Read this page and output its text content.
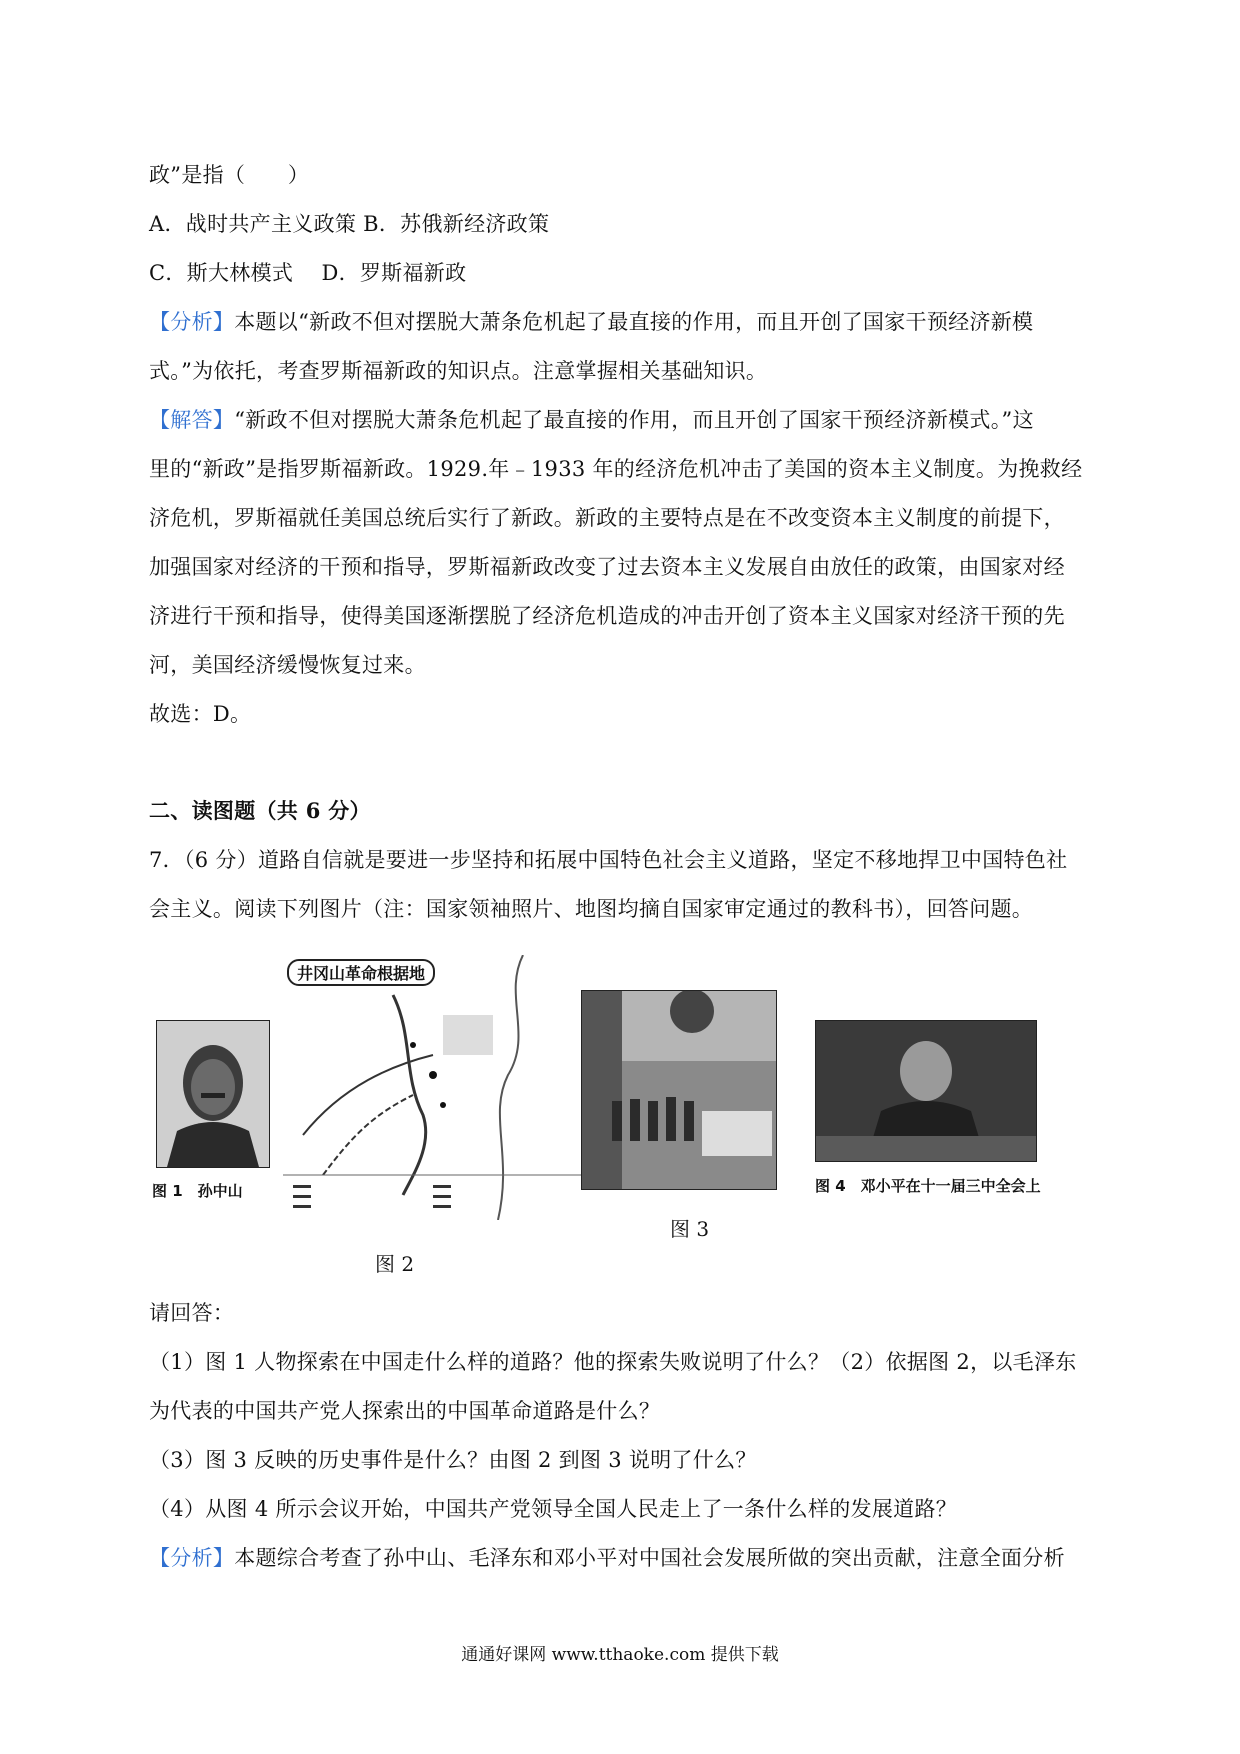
政”是指（　　）
A．战时共产主义政策 B．苏俄新经济政策
C．斯大林模式　 D．罗斯福新政
【分析】本题以“新政不但对摆脱大萧条危机起了最直接的作用，而且开创了国家干预经济新模
式。”为依托，考查罗斯福新政的知识点。注意掌握相关基础知识。
【解答】“新政不但对摆脱大萧条危机起了最直接的作用，而且开创了国家干预经济新模式。”这
里的“新政”是指罗斯福新政。1929.年﹣1933 年的经济危机冲击了美国的资本主义制度。为挽救经
济危机，罗斯福就任美国总统后实行了新政。新政的主要特点是在不改变资本主义制度的前提下，
加强国家对经济的干预和指导，罗斯福新政改变了过去资本主义发展自由放任的政策，由国家对经
济进行干预和指导，使得美国逐渐摆脱了经济危机造成的冲击开创了资本主义国家对经济干预的先
河，美国经济缓慢恢复过来。
故选：D。
二、读图题（共 6 分）
7．（6 分）道路自信就是要进一步坚持和拓展中国特色社会主义道路，坚定不移地捍卫中国特色社
会主义。阅读下列图片（注：国家领袖照片、地图均摘自国家审定通过的教科书），回答问题。
图 1　孙中山
井冈山革命根据地
图 2
图 3
图 4　邓小平在十一届三中全会上
请回答：
（1）图 1 人物探索在中国走什么样的道路？他的探索失败说明了什么？（2）依据图 2，以毛泽东
为代表的中国共产党人探索出的中国革命道路是什么？
（3）图 3 反映的历史事件是什么？由图 2 到图 3 说明了什么？
（4）从图 4 所示会议开始，中国共产党领导全国人民走上了一条什么样的发展道路？
【分析】本题综合考查了孙中山、毛泽东和邓小平对中国社会发展所做的突出贡献，注意全面分析
通通好课网 www.tthaoke.com 提供下载
